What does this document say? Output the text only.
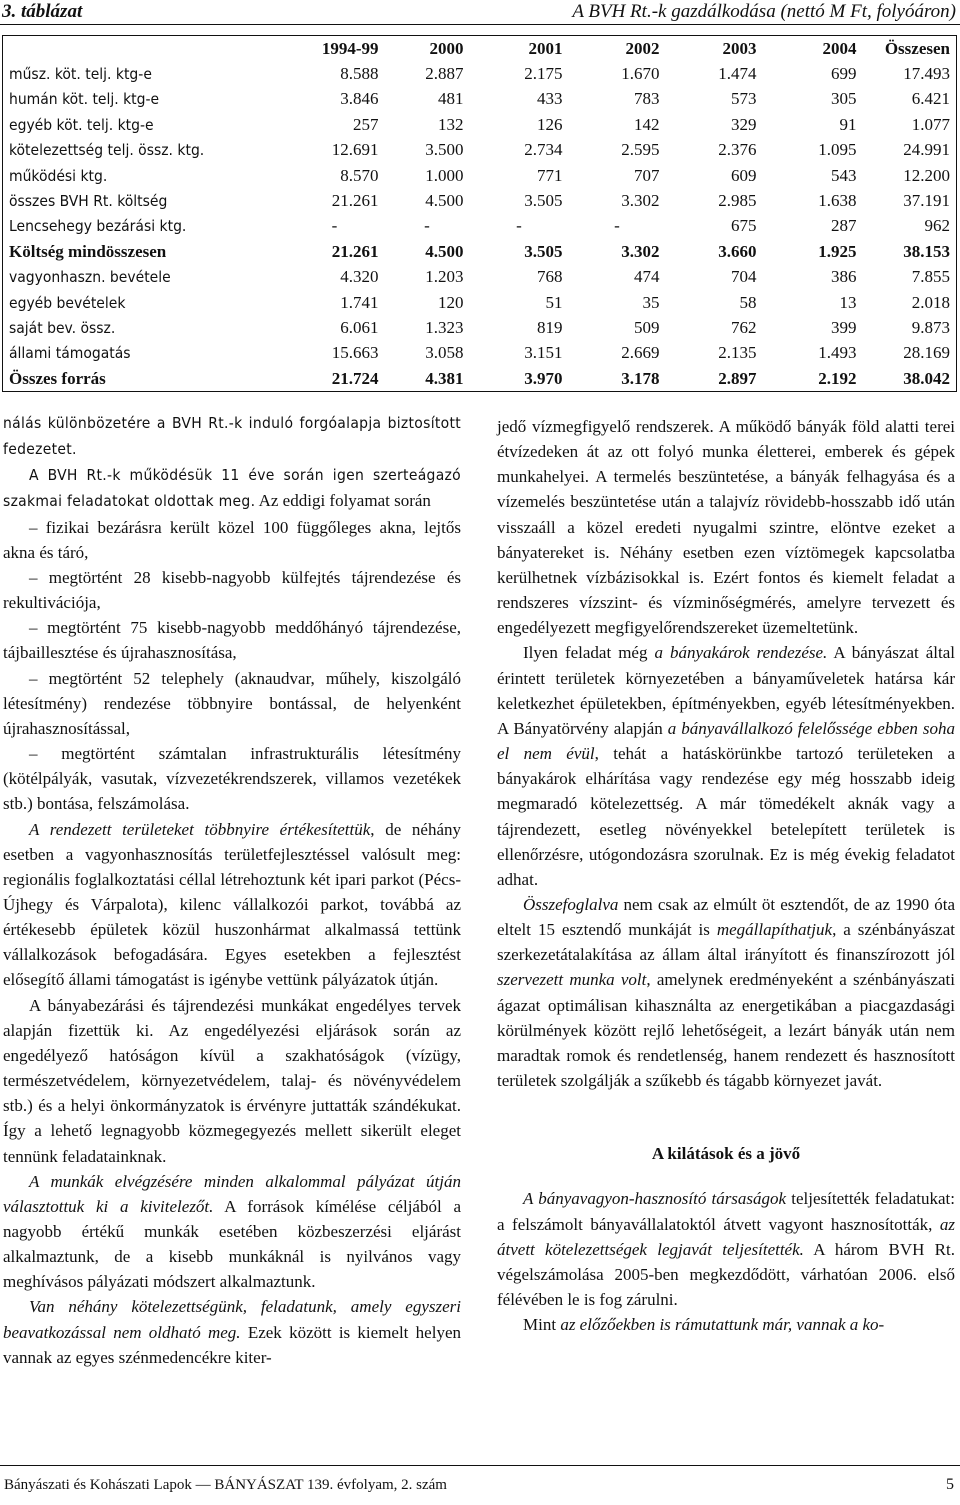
3. táblázat	A BVH Rt.-k gazdálkodása (nettó M Ft, folyóáron)
	1994-99	2000	2001	2002	2003	2004	Összesen
műsz. köt. telj. ktg-e	8.588	2.887	2.175	1.670	1.474	699	17.493
humán köt. telj. ktg-e	3.846	481	433	783	573	305	6.421
egyéb köt. telj. ktg-e	257	132	126	142	329	91	1.077
kötelezettség telj. össz. ktg.	12.691	3.500	2.734	2.595	2.376	1.095	24.991
működési ktg.	8.570	1.000	771	707	609	543	12.200
összes BVH Rt. költség	21.261	4.500	3.505	3.302	2.985	1.638	37.191
Lencsehegy bezárási ktg.	-	-	-	-	675	287	962
Költség mindösszesen	21.261	4.500	3.505	3.302	3.660	1.925	38.153
vagyonhaszn. bevétele	4.320	1.203	768	474	704	386	7.855
egyéb bevételek	1.741	120	51	35	58	13	2.018
saját bev. össz.	6.061	1.323	819	509	762	399	9.873
állami támogatás	15.663	3.058	3.151	2.669	2.135	1.493	28.169
Összes forrás	21.724	4.381	3.970	3.178	2.897	2.192	38.042

nálás különbözetére a BVH Rt.-k induló forgóalapja biztosított fedezetet.

A BVH Rt.-k működésük 11 éve során igen szerteágazó szakmai feladatokat oldottak meg. Az eddigi folyamat során

– fizikai bezárásra került közel 100 függőleges akna, lejtős akna és táró,

– megtörtént 28 kisebb-nagyobb külfejtés tájrendezése és rekultivációja,

– megtörtént 75 kisebb-nagyobb meddőhányó tájrendezése, tájbaillesztése és újrahasznosítása,

– megtörtént 52 telephely (aknaudvar, műhely, kiszolgáló létesítmény) rendezése többnyire bontással, de helyenként újrahasznosítással,

– megtörtént számtalan infrastrukturális létesítmény (kötélpályák, vasutak, vízvezetékrendszerek, villamos vezetékek stb.) bontása, felszámolása.

A rendezett területeket többnyire értékesítettük, de néhány esetben a vagyonhasznosítás területfejlesztéssel valósult meg: regionális foglalkoztatási céllal létrehoztunk két ipari parkot (Pécs-Újhegy és Várpalota), kilenc vállalkozói parkot, továbbá az értékesebb épületek közül huszonhármat alkalmassá tettünk vállalkozások befogadására. Egyes esetekben a fejlesztést elősegítő állami támogatást is igénybe vettünk pályázatok útján.

A bányabezárási és tájrendezési munkákat engedélyes tervek alapján fizettük ki. Az engedélyezési eljárások során az engedélyező hatóságon kívül a szakhatóságok (vízügy, természetvédelem, környezetvédelem, talaj- és növényvédelem stb.) és a helyi önkormányzatok is érvényre juttatták szándékukat. Így a lehető legnagyobb közmegegyezés mellett sikerült eleget tennünk feladatainknak.

A munkák elvégzésére minden alkalommal pályázat útján választottuk ki a kivitelezőt. A források kímélése céljából a nagyobb értékű munkák esetében közbeszerzési eljárást alkalmaztunk, de a kisebb munkáknál is nyilvános vagy meghívásos pályázati módszert alkalmaztunk.

Van néhány kötelezettségünk, feladatunk, amely egyszeri beavatkozással nem oldható meg. Ezek között is kiemelt helyen vannak az egyes szénmedencékre kiter-

jedő vízmegfigyelő rendszerek. A működő bányák föld alatti terei étvízedeken át az ott folyó munka életterei, emberek és gépek munkahelyei. A termelés beszüntetése, a bányák felhagyása és a vízemelés beszüntetése után a talajvíz rövidebb-hosszabb idő után visszaáll a közel eredeti nyugalmi szintre, elöntve ezeket a bányatereket is. Néhány esetben ezen víztömegek kapcsolatba kerülhetnek vízbázisokkal is. Ezért fontos és kiemelt feladat a rendszeres vízszint- és vízminőségmérés, amelyre tervezett és engedélyezett megfigyelőrendszereket üzemeltetünk.

Ilyen feladat még a bányakárok rendezése. A bányászat által érintett területek környezetében a bányaműveletek határsa kár keletkezhet épületekben, építményekben, egyéb létesítményekben. A Bányatörvény alapján a bányavállalkozó felelőssége ebben soha el nem évül, tehát a hatáskörünkbe tartozó területeken a bányakárok elhárítása vagy rendezése egy még hosszabb ideig megmaradó kötelezettség. A már tömedékelt aknák vagy a tájrendezett, esetleg növényekkel betelepített területek is ellenőrzésre, utógondozásra szorulnak. Ez is még évekig feladatot adhat.

Összefoglalva nem csak az elmúlt öt esztendőt, de az 1990 óta eltelt 15 esztendő munkáját is megállapíthatjuk, a szénbányászat szerkezetátalakítása az állam által irányított és finanszírozott jól szervezett munka volt, amelynek eredményeként a szénbányászati ágazat optimálisan kihasználta az energetikában a piacgazdasági körülmények között rejlő lehetőségeit, a lezárt bányák után nem maradtak romok és rendetlenség, hanem rendezett és hasznosított területek szolgálják a szűkebb és tágabb környezet javát.

A kilátások és a jövő

A bányavagyon-hasznosító társaságok teljesítették feladatukat: a felszámolt bányavállalatoktól átvett vagyont hasznosították, az átvett kötelezettségek legjavát teljesítették. A három BVH Rt. végelszámolása 2005-ben megkezdődött, várhatóan 2006. első félévében le is fog zárulni.

Mint az előzőekben is rámutattunk már, vannak a ko-

Bányászati és Kohászati Lapok — BÁNYÁSZAT 139. évfolyam, 2. szám	5
